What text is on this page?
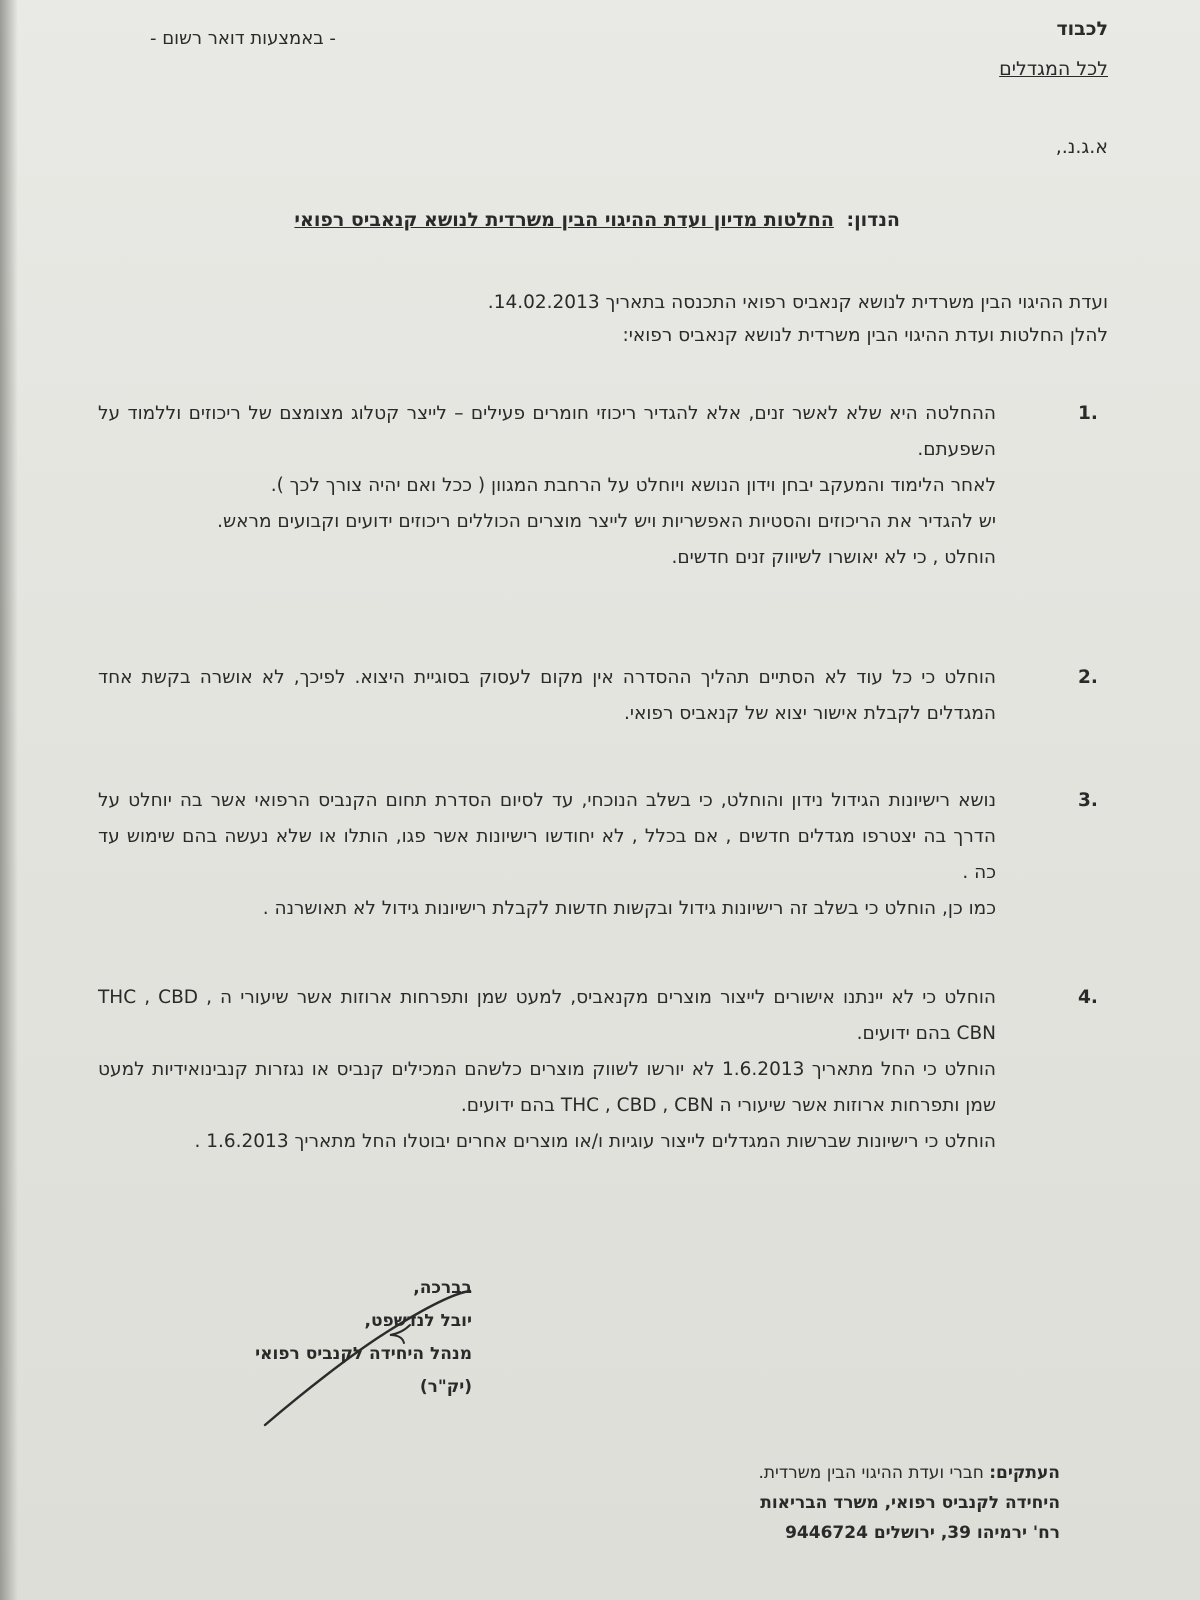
לכבוד
לכל המגדלים
- באמצעות דואר רשום -
א.ג.נ.,
הנדון: החלטות מדיון ועדת ההיגוי הבין משרדית לנושא קנאביס רפואי
ועדת ההיגוי הבין משרדית לנושא קנאביס רפואי התכנסה בתאריך 14.02.2013.
להלן החלטות ועדת ההיגוי הבין משרדית לנושא קנאביס רפואי:
1.

ההחלטה היא שלא לאשר זנים, אלא להגדיר ריכוזי חומרים פעילים – לייצר קטלוג מצומצם של ריכוזים וללמוד על השפעתם.

לאחר הלימוד והמעקב יבחן וידון הנושא ויוחלט על הרחבת המגוון ( ככל ואם יהיה צורך לכך ).

יש להגדיר את הריכוזים והסטיות האפשריות ויש לייצר מוצרים הכוללים ריכוזים ידועים וקבועים מראש.

הוחלט , כי לא יאושרו לשיווק זנים חדשים.

2.

הוחלט כי כל עוד לא הסתיים תהליך ההסדרה אין מקום לעסוק בסוגיית היצוא. לפיכך, לא אושרה בקשת אחד המגדלים לקבלת אישור יצוא של קנאביס רפואי.

3.

נושא רישיונות הגידול נידון והוחלט, כי בשלב הנוכחי, עד לסיום הסדרת תחום הקנביס הרפואי אשר בה יוחלט על הדרך בה יצטרפו מגדלים חדשים , אם בכלל , לא יחודשו רישיונות אשר פגו, הותלו או שלא נעשה בהם שימוש עד כה .

כמו כן, הוחלט כי בשלב זה רישיונות גידול ובקשות חדשות לקבלת רישיונות גידול לא תאושרנה .

4.

הוחלט כי לא יינתנו אישורים לייצור מוצרים מקנאביס, למעט שמן ותפרחות ארוזות אשר שיעורי ה THC , CBD , CBN בהם ידועים.

הוחלט כי החל מתאריך 1.6.2013 לא יורשו לשווק מוצרים כלשהם המכילים קנביס או נגזרות קנבינואידיות למעט שמן ותפרחות ארוזות אשר שיעורי ה THC , CBD , CBN בהם ידועים.

הוחלט כי רישיונות שברשות המגדלים לייצור עוגיות ו/או מוצרים אחרים יבוטלו החל מתאריך 1.6.2013 .

בברכה,
יובל לנדשפט,
מנהל היחידה לקנביס רפואי
(יק"ר)
העתקים: חברי ועדת ההיגוי הבין משרדית.
היחידה לקנביס רפואי, משרד הבריאות
רח' ירמיהו 39, ירושלים 9446724
